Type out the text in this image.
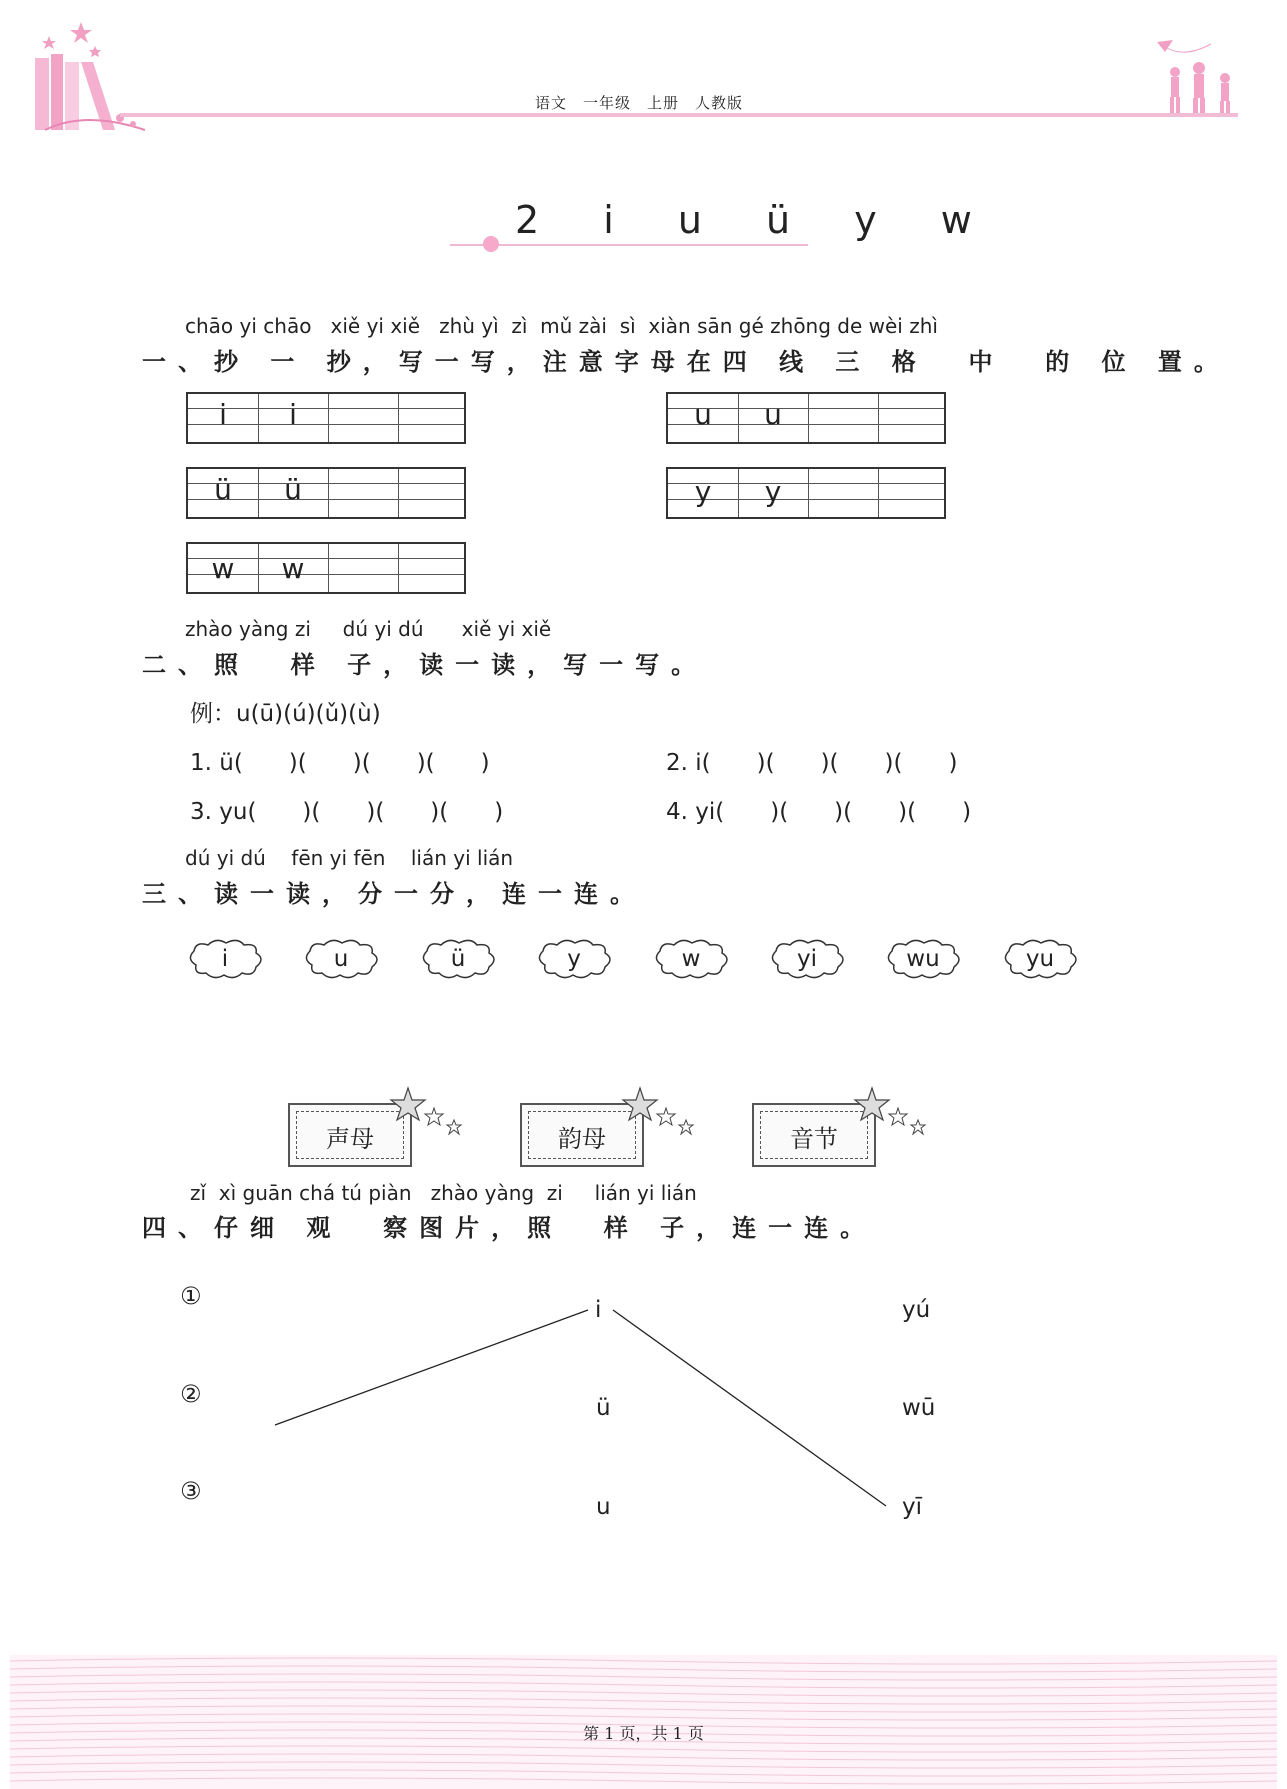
语文　一年级　上册　人教版
2 i u ü y w
chāo yi chāo   xiě yi xiě   zhù yì  zì  mǔ zài  sì  xiàn sān gé zhōng de wèi zhì
一、抄 一 抄，写一写，注意字母在四 线 三 格  中  的 位 置。
i	i	u	u
ü	ü	y	y
w	w
zhào yàng zi     dú yi dú      xiě yi xiě
二、照  样 子，读一读，写一写。
例：u(ū)(ú)(ǔ)(ù)
1. ü(　　)(　　)(　　)(　　)	2. i(　　)(　　)(　　)(　　)
3. yu(　　)(　　)(　　)(　　)	4. yi(　　)(　　)(　　)(　　)
dú yi dú    fēn yi fēn    lián yi lián
三、读一读，分一分，连一连。
i	u	ü	y	w	yi	wu	yu
声母	韵母	音节
zǐ  xì guān chá tú piàn   zhào yàng  zi     lián yi lián
四、仔细 观  察图片，照  样 子，连一连。
①
②
③
i
ü
u
yú
wū
yī
第 1 页，共 1 页
